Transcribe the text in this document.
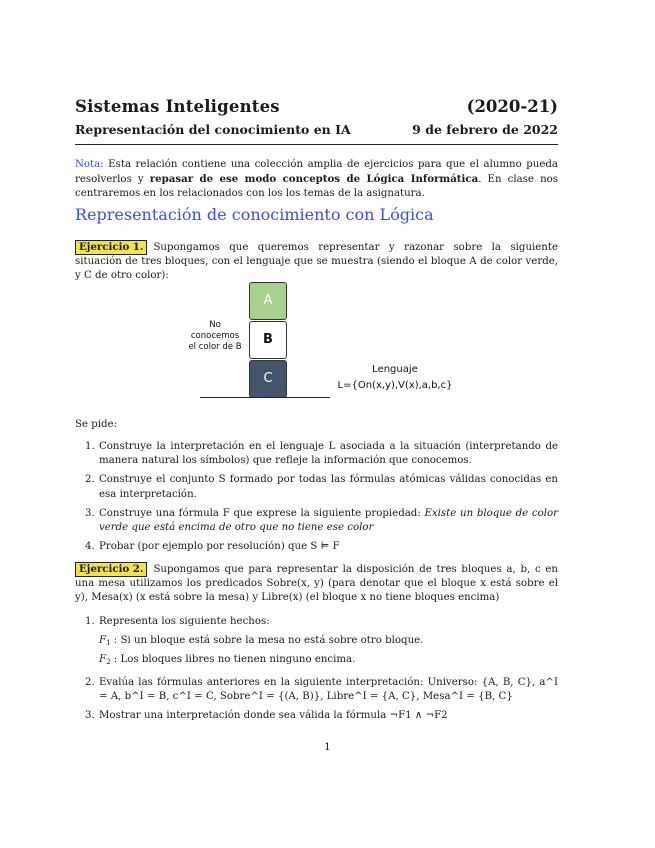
Sistemas Inteligentes	(2020-21)
Representación del conocimiento en IA	9 de febrero de 2022
Nota: Esta relación contiene una colección amplia de ejercicios para que el alumno pueda resolverlos y repasar de ese modo conceptos de Lógica Informática. En clase nos centraremos en los relacionados con los los temas de la asignatura.
Representación de conocimiento con Lógica
Ejercicio 1. Supongamos que queremos representar y razonar sobre la siguiente situación de tres bloques, con el lenguaje que se muestra (siendo el bloque A de color verde, y C de otro color):
A
B
C
No
conocemos
el color de B
Lenguaje
L={On(x,y),V(x),a,b,c}
Se pide:
1. Construye la interpretación en el lenguaje L asociada a la situación (interpretando de manera natural los símbolos) que refleje la información que conocemos.
2. Construye el conjunto S formado por todas las fórmulas atómicas válidas conocidas en esa interpretación.
3. Construye una fórmula F que exprese la siguiente propiedad: Existe un bloque de color verde que está encima de otro que no tiene ese color
4. Probar (por ejemplo por resolución) que S ⊨ F
Ejercicio 2. Supongamos que para representar la disposición de tres bloques a, b, c en una mesa utilizamos los predicados Sobre(x, y) (para denotar que el bloque x está sobre el y), Mesa(x) (x está sobre la mesa) y Libre(x) (el bloque x no tiene bloques encima)
1. Representa los siguiente hechos:
$F_1$ : Si un bloque está sobre la mesa no está sobre otro bloque.
$F_2$ : Los bloques libres no tienen ninguno encima.
2. Evalúa las fórmulas anteriores en la siguiente interpretación: Universo: {A, B, C}, a^I = A, b^I = B, c^I = C, Sobre^I = {(A, B)}, Libre^I = {A, C}, Mesa^I = {B, C}
3. Mostrar una interpretación donde sea válida la fórmula ¬F1 ∧ ¬F2
1
